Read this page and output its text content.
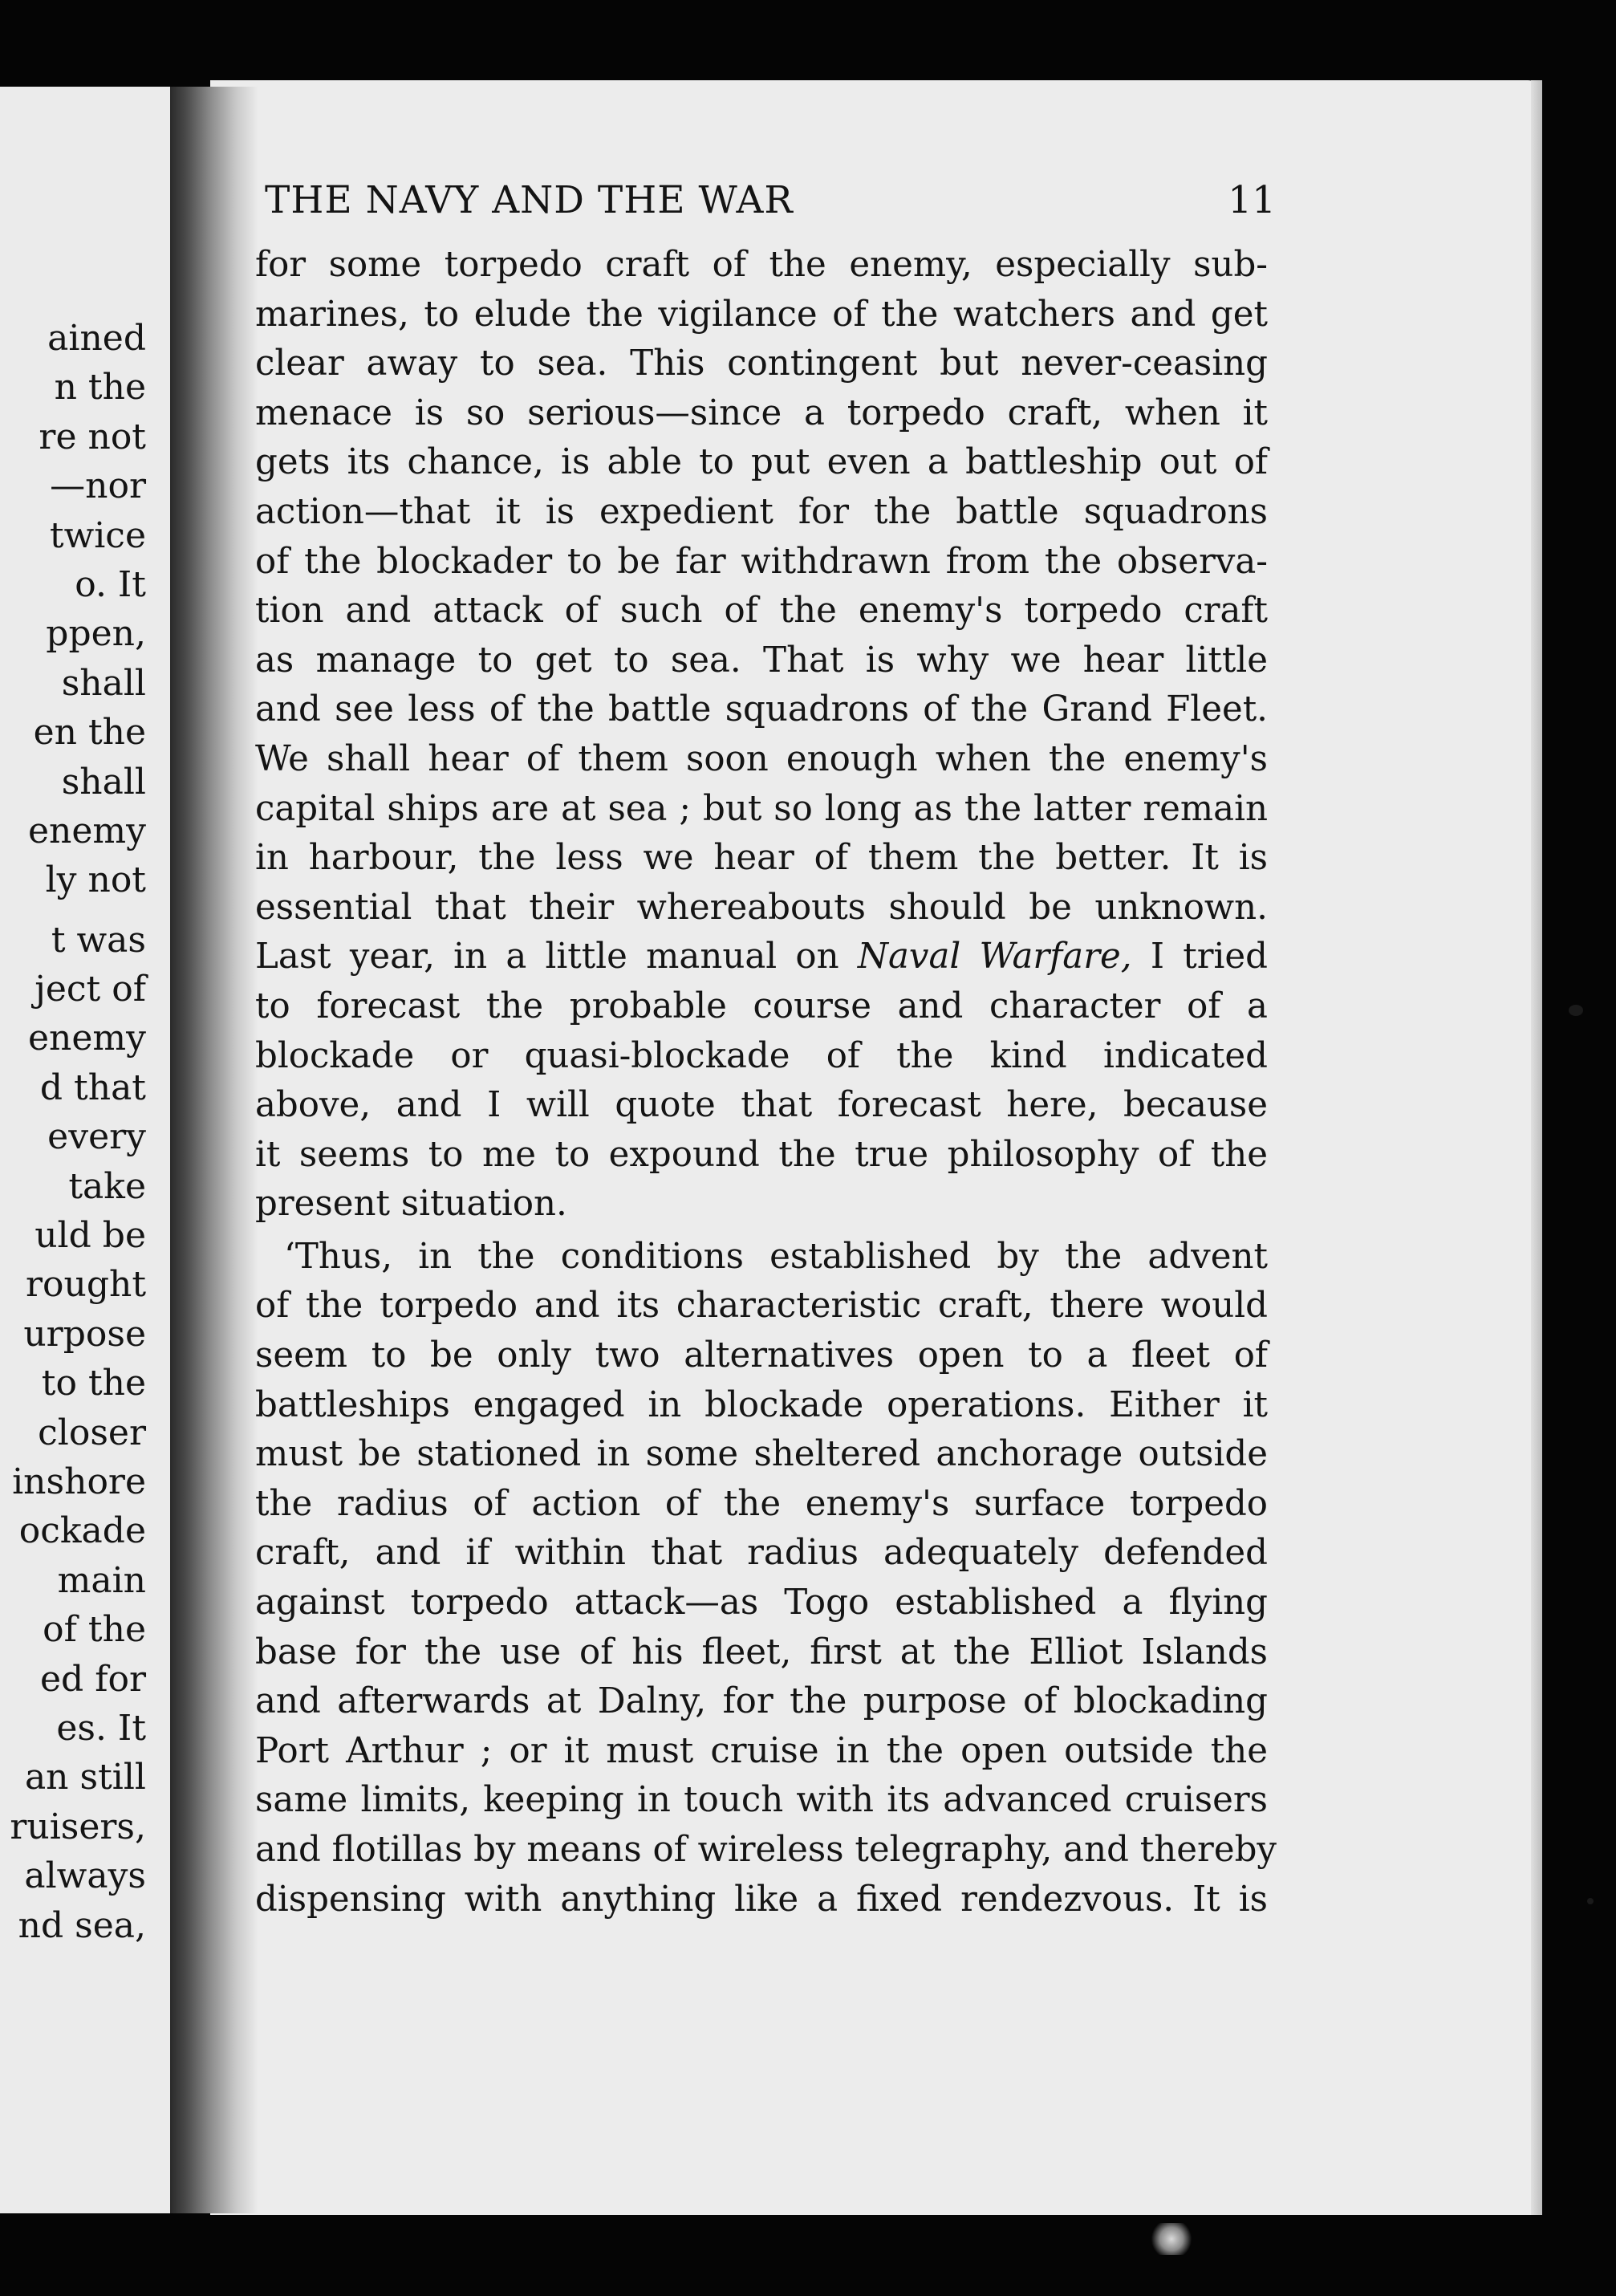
ained
n the
re not
—nor
twice
o. It
ppen,
shall
en the
shall
enemy
ly not
t was
ject of
enemy
d that
every
take
uld be
rought
urpose
to the
closer
inshore
ockade
main
of the
ed for
es. It
an still
ruisers,
always
nd sea,
THE NAVY AND THE WAR	11
for some torpedo craft of the enemy, especially sub-
marines, to elude the vigilance of the watchers and get
clear away to sea. This contingent but never-ceasing
menace is so serious—since a torpedo craft, when it
gets its chance, is able to put even a battleship out of
action—that it is expedient for the battle squadrons
of the blockader to be far withdrawn from the observa-
tion and attack of such of the enemy's torpedo craft
as manage to get to sea. That is why we hear little
and see less of the battle squadrons of the Grand Fleet.
We shall hear of them soon enough when the enemy's
capital ships are at sea ; but so long as the latter remain
in harbour, the less we hear of them the better. It is
essential that their whereabouts should be unknown.
Last year, in a little manual on Naval Warfare, I tried
to forecast the probable course and character of a
blockade or quasi-blockade of the kind indicated
above, and I will quote that forecast here, because
it seems to me to expound the true philosophy of the
present situation.
‘Thus, in the conditions established by the advent
of the torpedo and its characteristic craft, there would
seem to be only two alternatives open to a fleet of
battleships engaged in blockade operations. Either it
must be stationed in some sheltered anchorage outside
the radius of action of the enemy's surface torpedo
craft, and if within that radius adequately defended
against torpedo attack—as Togo established a flying
base for the use of his fleet, first at the Elliot Islands
and afterwards at Dalny, for the purpose of blockading
Port Arthur ; or it must cruise in the open outside the
same limits, keeping in touch with its advanced cruisers
and flotillas by means of wireless telegraphy, and thereby
dispensing with anything like a fixed rendezvous. It is
